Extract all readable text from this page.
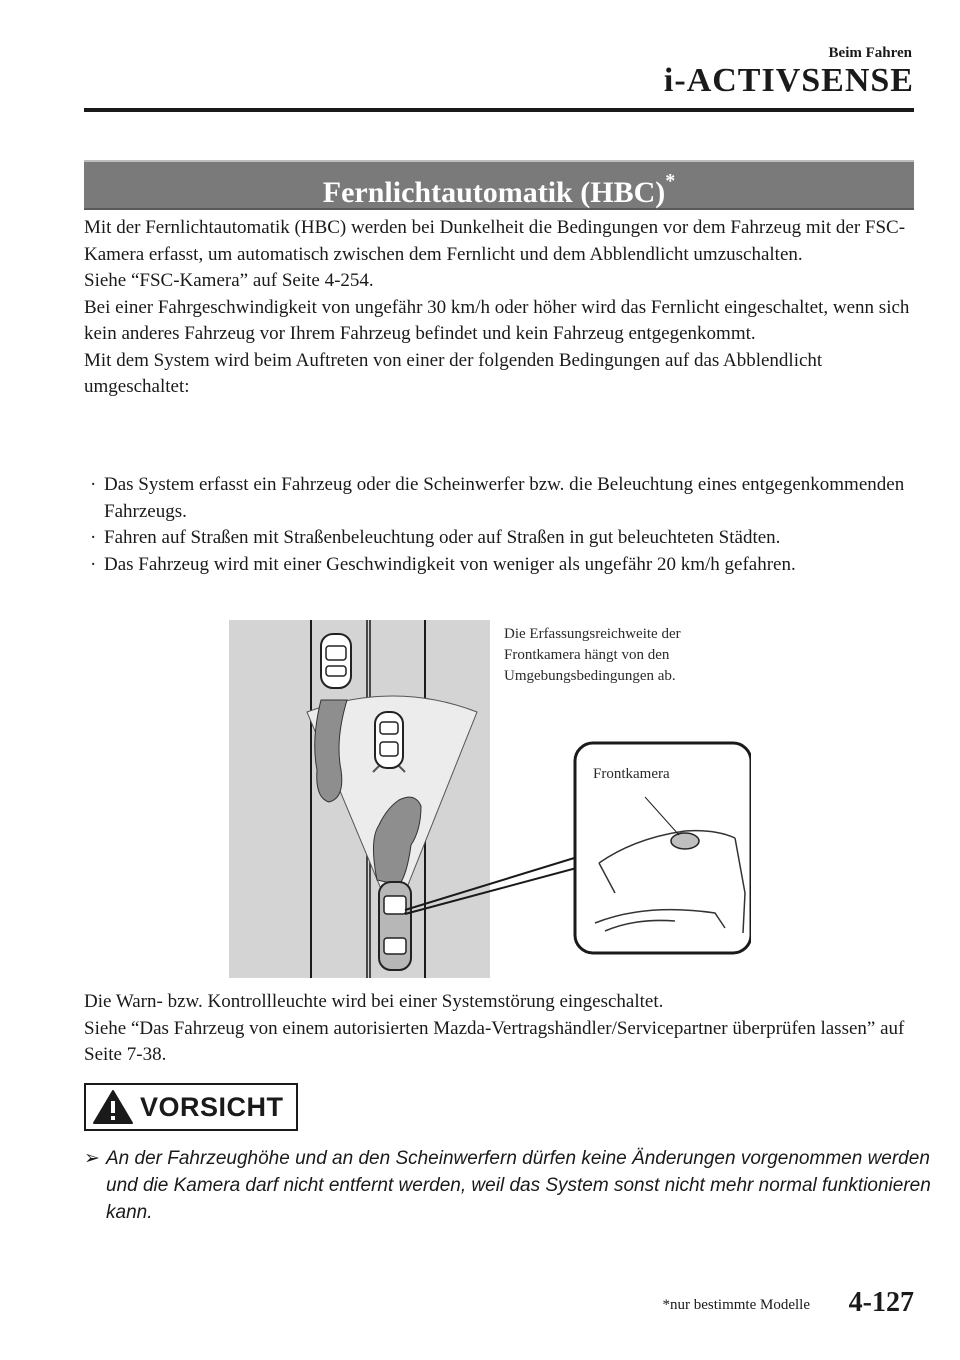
Beim Fahren
i-ACTIVSENSE
Fernlichtautomatik (HBC)*

Mit der Fernlichtautomatik (HBC) werden bei Dunkelheit die Bedingungen vor dem Fahrzeug mit der FSC-Kamera erfasst, um automatisch zwischen dem Fernlicht und dem Abblendlicht umzuschalten.

Siehe “FSC-Kamera” auf Seite 4-254.

Bei einer Fahrgeschwindigkeit von ungefähr 30 km/h oder höher wird das Fernlicht eingeschaltet, wenn sich kein anderes Fahrzeug vor Ihrem Fahrzeug befindet und kein Fahrzeug entgegenkommt.

Mit dem System wird beim Auftreten von einer der folgenden Bedingungen auf das Abblendlicht umgeschaltet:

· Das System erfasst ein Fahrzeug oder die Scheinwerfer bzw. die Beleuchtung eines entgegenkommenden Fahrzeugs.
· Fahren auf Straßen mit Straßenbeleuchtung oder auf Straßen in gut beleuchteten Städten.
· Das Fahrzeug wird mit einer Geschwindigkeit von weniger als ungefähr 20 km/h gefahren.
Die Erfassungsreichweite der Frontkamera hängt von den Umgebungsbedingungen ab.
Frontkamera

Die Warn- bzw. Kontrollleuchte wird bei einer Systemstörung eingeschaltet.

Siehe “Das Fahrzeug von einem autorisierten Mazda-Vertragshändler/Servicepartner überprüfen lassen” auf Seite 7-38.

VORSICHT
➢ An der Fahrzeughöhe und an den Scheinwerfern dürfen keine Änderungen vorgenommen werden und die Kamera darf nicht entfernt werden, weil das System sonst nicht mehr normal funktionieren kann.
*nur bestimmte Modelle 4-127
